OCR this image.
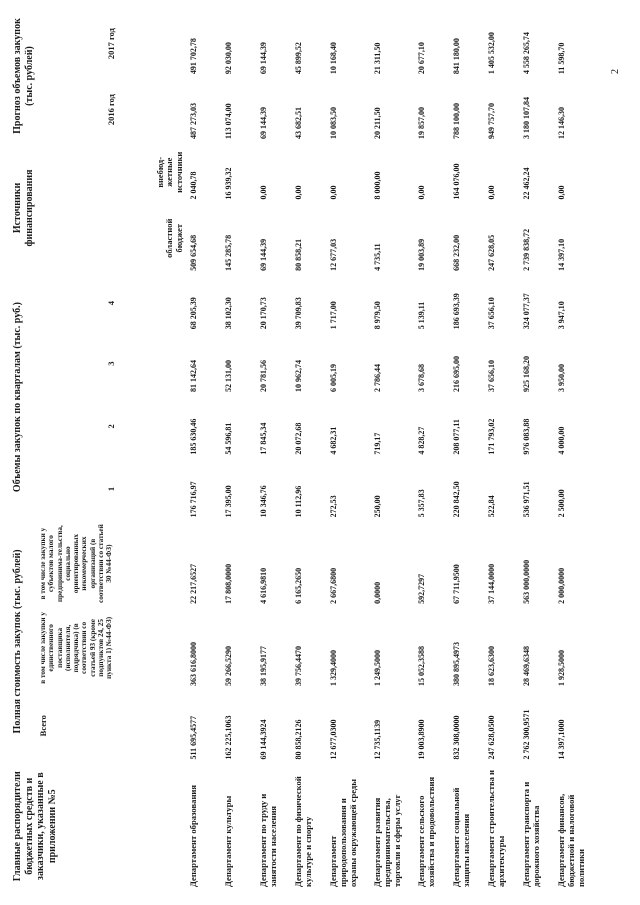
2
Главные распорядители бюджетных средств и заказчики, указанные в приложении №5	Полная стоимость закупок (тыс. рублей)			Объемы закупок по кварталам (тыс. руб.)				Источники финансирования		Прогноз объемов закупок (тыс. рублей)	
	Всего	в том числе закупки у единственного поставщика (исполнителя, подрядчика) (в соответствии со статьей 93 (кроме подпунктов 24, 25 пункта 1) №44-ФЗ)	в том числе закупки у субъектов малого предпринима-тельства, социально ориентированных некоммерческих организаций (в соответствии со статьей 30 №44-ФЗ)	1	2	3	4	областной бюджет	внебюд-жетные источники	2016 год	2017 год
Департамент образования	511 695,4577	363 616,8000	22 217,6527	176 716,97	185 630,46	81 142,64	68 205,39	509 654,68	2 040,78	487 273,03	491 702,78
Департамент культуры	162 225,1063	59 266,5290	17 808,0000	17 395,00	54 596,81	52 131,00	38 102,30	145 285,78	16 939,32	113 074,00	92 030,00
Департамент по труду и занятости населения	69 144,3924	38 195,9177	4 616,9810	10 346,76	17 845,34	20 781,56	20 170,73	69 144,39	0,00	69 144,39	69 144,39
Департамент по физической культуре и спорту	80 858,2126	39 756,4470	6 165,2650	10 112,96	20 072,68	10 962,74	39 709,83	80 858,21	0,00	43 682,51	45 899,52
Департамент природопользования и охраны окружающей среды	12 677,0300	1 329,4000	2 667,6800	272,53	4 682,31	6 005,19	1 717,00	12 677,03	0,00	10 083,50	10 168,40
Департамент развития предпринимательства, торговли и сферы услуг	12 735,1139	1 249,5000	0,0000	250,00	719,17	2 786,44	8 979,50	4 735,11	8 000,00	20 211,50	21 311,50
Департамент сельского хозяйства и продовольствия	19 003,8900	15 052,3588	592,7297	5 357,83	4 828,27	3 678,68	5 139,11	19 003,89	0,00	19 857,00	20 677,10
Департамент социальной защиты населения	832 308,0000	380 895,4973	67 711,9500	220 842,50	208 077,11	216 695,00	186 693,39	668 232,00	164 076,00	788 100,00	841 180,00
Департамент строительства и архитектуры	247 628,0500	18 623,6300	37 144,0000	522,84	171 793,02	37 656,10	37 656,10	247 628,05	0,00	949 757,70	1 405 532,00
Департамент транспорта и дорожного хозяйства	2 762 300,9571	28 469,6348	563 000,0000	536 971,51	976 083,88	925 168,20	324 077,37	2 739 838,72	22 462,24	3 180 107,84	4 558 265,74
Департамент финансов, бюджетной и налоговой политики	14 397,1000	1 928,5000	2 000,0000	2 500,00	4 000,00	3 950,00	3 947,10	14 397,10	0,00	12 146,30	11 598,70
